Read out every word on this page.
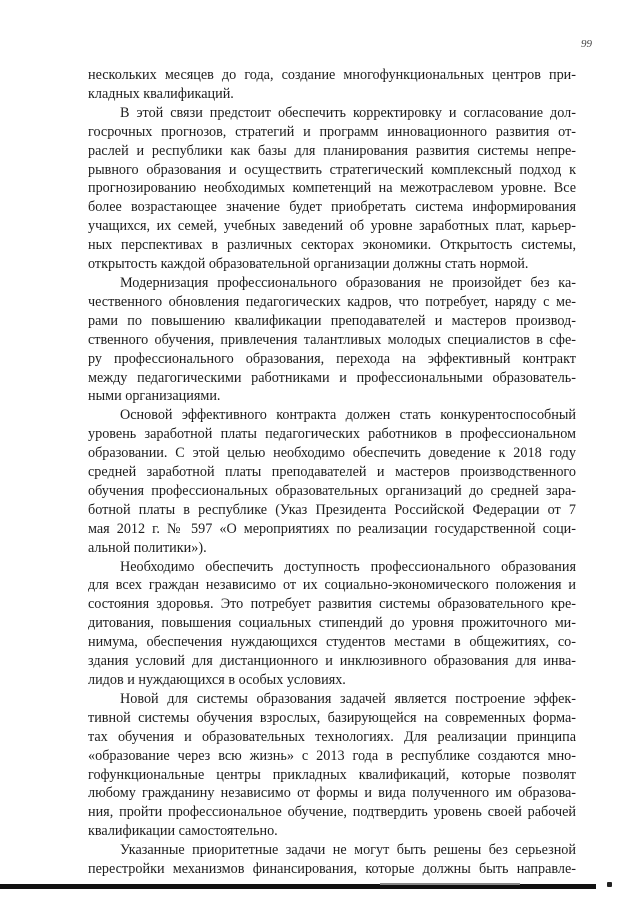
99

нескольких месяцев до года, создание многофункциональных центров при-
кладных квалификаций.

В этой связи предстоит обеспечить корректировку и согласование дол-
госрочных прогнозов, стратегий и программ инновационного развития от-
раслей и республики как базы для планирования развития системы непре-
рывного образования и осуществить стратегический комплексный подход к
прогнозированию необходимых компетенций на межотраслевом уровне. Все
более возрастающее значение будет приобретать система информирования
учащихся, их семей, учебных заведений об уровне заработных плат, карьер-
ных перспективах в различных секторах экономики. Открытость системы,
открытость каждой образовательной организации должны стать нормой.

Модернизация профессионального образования не произойдет без ка-
чественного обновления педагогических кадров, что потребует, наряду с ме-
рами по повышению квалификации преподавателей и мастеров производ-
ственного обучения, привлечения талантливых молодых специалистов в сфе-
ру профессионального образования, перехода на эффективный контракт
между педагогическими работниками и профессиональными образователь-
ными организациями.

Основой эффективного контракта должен стать конкурентоспособный
уровень заработной платы педагогических работников в профессиональном
образовании. С этой целью необходимо обеспечить доведение к 2018 году
средней заработной платы преподавателей и мастеров производственного
обучения профессиональных образовательных организаций до средней зара-
ботной платы в республике (Указ Президента Российской Федерации от 7
мая 2012 г. № 597 «О мероприятиях по реализации государственной соци-
альной политики»).

Необходимо обеспечить доступность профессионального образования
для всех граждан независимо от их социально-экономического положения и
состояния здоровья. Это потребует развития системы образовательного кре-
дитования, повышения социальных стипендий до уровня прожиточного ми-
нимума, обеспечения нуждающихся студентов местами в общежитиях, со-
здания условий для дистанционного и инклюзивного образования для инва-
лидов и нуждающихся в особых условиях.

Новой для системы образования задачей является построение эффек-
тивной системы обучения взрослых, базирующейся на современных форма-
тах обучения и образовательных технологиях. Для реализации принципа
«образование через всю жизнь» с 2013 года в республике создаются мно-
гофункциональные центры прикладных квалификаций, которые позволят
любому гражданину независимо от формы и вида полученного им образова-
ния, пройти профессиональное обучение, подтвердить уровень своей рабочей
квалификации самостоятельно.

Указанные приоритетные задачи не могут быть решены без серьезной
перестройки механизмов финансирования, которые должны быть направле-
